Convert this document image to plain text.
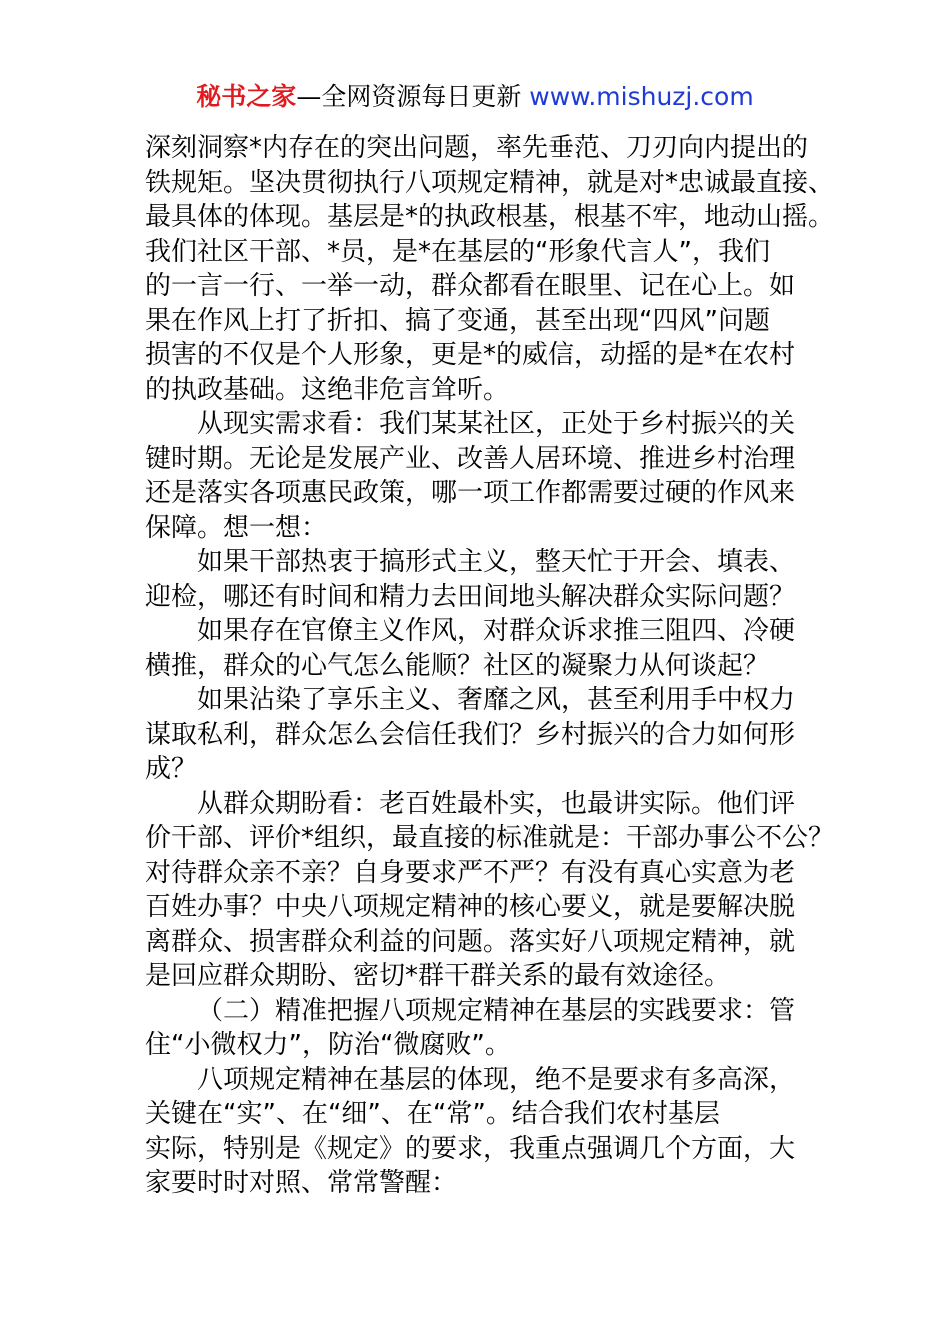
秘书之家—全网资源每日更新 www.mishuzj.com
深刻洞察*内存在的突出问题，率先垂范、刀刃向内提出的
铁规矩。坚决贯彻执行八项规定精神，就是对*忠诚最直接、
最具体的体现。基层是*的执政根基，根基不牢，地动山摇。
我们社区干部、*员，是*在基层的“形象代言人”，我们
的一言一行、一举一动，群众都看在眼里、记在心上。如
果在作风上打了折扣、搞了变通，甚至出现“四风”问题
损害的不仅是个人形象，更是*的威信，动摇的是*在农村
的执政基础。这绝非危言耸听。
从现实需求看：我们某某社区，正处于乡村振兴的关
键时期。无论是发展产业、改善人居环境、推进乡村治理
还是落实各项惠民政策，哪一项工作都需要过硬的作风来
保障。想一想：
如果干部热衷于搞形式主义，整天忙于开会、填表、
迎检，哪还有时间和精力去田间地头解决群众实际问题？
如果存在官僚主义作风，对群众诉求推三阻四、冷硬
横推，群众的心气怎么能顺？社区的凝聚力从何谈起？
如果沾染了享乐主义、奢靡之风，甚至利用手中权力
谋取私利，群众怎么会信任我们？乡村振兴的合力如何形
成？
从群众期盼看：老百姓最朴实，也最讲实际。他们评
价干部、评价*组织，最直接的标准就是：干部办事公不公？
对待群众亲不亲？自身要求严不严？有没有真心实意为老
百姓办事？中央八项规定精神的核心要义，就是要解决脱
离群众、损害群众利益的问题。落实好八项规定精神，就
是回应群众期盼、密切*群干群关系的最有效途径。
（二）精准把握八项规定精神在基层的实践要求：管
住“小微权力”，防治“微腐败”。
八项规定精神在基层的体现，绝不是要求有多高深，
关键在“实”、在“细”、在“常”。结合我们农村基层
实际，特别是《规定》的要求，我重点强调几个方面，大
家要时时对照、常常警醒：
